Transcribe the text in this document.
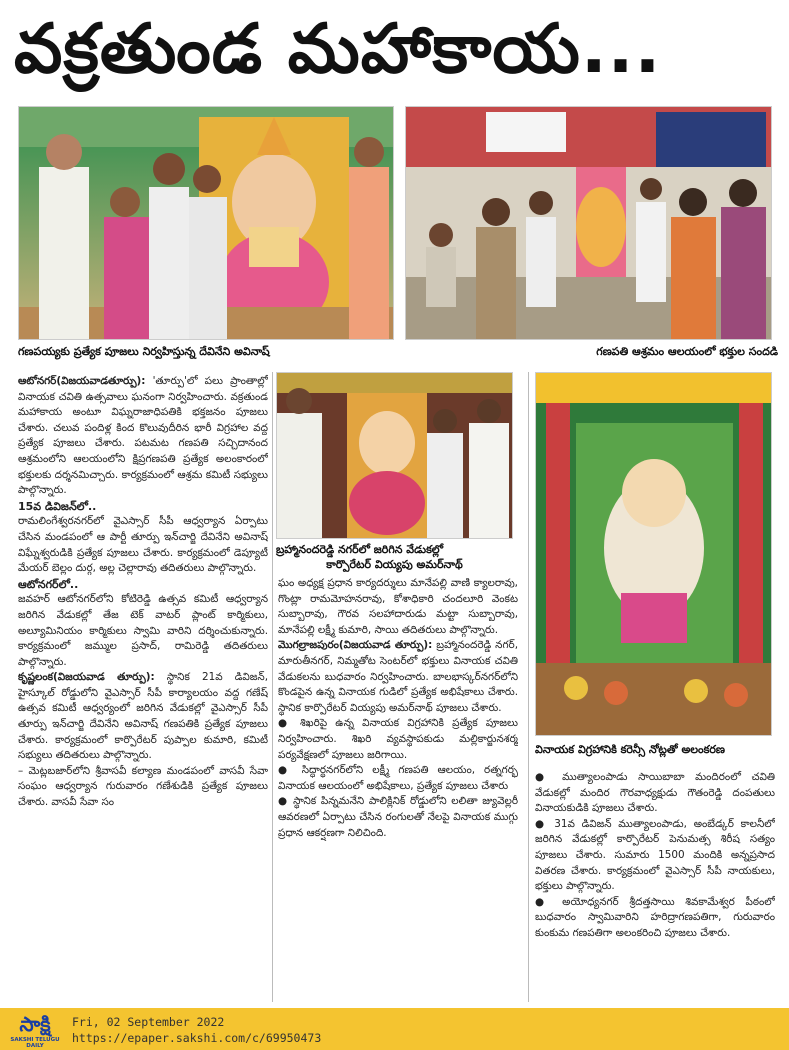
వక్రతుండ మహాకాయ...
గణపయ్యకు ప్రత్యేక పూజలు నిర్వహిస్తున్న దేవినేని అవినాష్	గణపతి ఆశ్రమం ఆలయంలో భక్తుల సందడి
బ్రహ్మానందరెడ్డి నగర్‌లో జరిగిన వేడుకల్లో
కార్పొరేటర్ వియ్యపు అమర్‌నాథ్
వినాయక విగ్రహానికి కరెన్సీ నోట్లతో అలంకరణ

ఆటోనగర్(విజయవాడతూర్పు): 'తూర్పు'లో పలు ప్రాంతాల్లో వినాయక చవితి ఉత్సవాలు ఘనంగా నిర్వహించారు. వక్రతుండ మహాకాయ అంటూ విఘ్నరాజాధిపతికి భక్తజనం పూజలు చేశారు. చలువ పందిళ్ల కింద కొలువుదీరిన భారీ విగ్రహాల వద్ద ప్రత్యేక పూజలు చేశారు. పటమట గణపతి సచ్చిదానంద ఆశ్రమంలోని ఆలయంలోని క్షిప్రగణపతి ప్రత్యేక అలంకారంలో భక్తులకు దర్శనమిచ్చారు. కార్యక్రమంలో ఆశ్రమ కమిటీ సభ్యులు పాల్గొన్నారు.

15వ డివిజన్‌లో..

రామలింగేశ్వరనగర్‌లో వైఎస్సార్ సీపీ ఆధ్వర్యాన ఏర్పాటు చేసిన మండపంలో ఆ పార్టీ తూర్పు ఇన్‌చార్జి దేవినేని అవినాష్ విఘ్నేశ్వరుడికి ప్రత్యేక పూజలు చేశారు. కార్యక్రమంలో డెప్యూటీ మేయర్ బెల్లం దుర్గ, అల్ల చెల్లారావు తదితరులు పాల్గొన్నారు.

ఆటోనగర్‌లో..

జవహర్ ఆటోనగర్‌లోని కోటిరెడ్డి ఉత్సవ కమిటీ ఆధ్వర్యాన జరిగిన వేడుకల్లో తేజ టెక్ వాటర్ ప్లాంట్ కార్మికులు, అల్యూమినియం కార్మికులు స్వామి వారిని దర్శించుకున్నారు. కార్యక్రమంలో జమ్ముల ప్రసాద్, రామిరెడ్డి తదితరులు పాల్గొన్నారు.

కృష్ణలంక(విజయవాడ తూర్పు): స్థానిక 21వ డివిజన్, హైస్కూల్ రోడ్డులోని వైఎస్సార్ సీపీ కార్యాలయం వద్ద గణేష్ ఉత్సవ కమిటీ ఆధ్వర్యంలో జరిగిన వేడుకల్లో వైఎస్సార్ సీపీ తూర్పు ఇన్‌చార్జి దేవినేని అవినాష్ గణపతికి ప్రత్యేక పూజలు చేశారు. కార్యక్రమంలో కార్పొరేటర్ పుప్పాల కుమారి, కమిటీ సభ్యులు తదితరులు పాల్గొన్నారు.

– మెట్లబజార్‌లోని శ్రీవాసవీ కల్యాణ మండపంలో వాసవీ సేవా సంఘం ఆధ్వర్యాన గురువారం గణేశుడికి ప్రత్యేక పూజలు చేశారు. వాసవీ సేవా సం

ఘం అధ్యక్ష ప్రధాన కార్యదర్శులు మానేపల్లి వాణి క్యాలరావు, గొంట్లా రామమోహనరావు, కోశాధికారి చందలూరి వెంకట సుబ్బారావు, గౌరవ సలహాదారుడు మట్టా సుబ్బారావు, మానేపల్లి లక్ష్మీ కుమారి, సాయి తదితరులు పాల్గొన్నారు.

మొగల్రాజపురం(విజయవాడ తూర్పు): బ్రహ్మానందరెడ్డి నగర్, మారుతీనగర్, నిమ్మతోట సెంటర్‌లో భక్తులు వినాయక చవితి వేడుకలను బుధవారం నిర్వహించారు. బాలభాస్కర్‌నగర్‌లోని కొండపైన ఉన్న వినాయక గుడిలో ప్రత్యేక అభిషేకాలు చేశారు. స్థానిక కార్పొరేటర్ వియ్యపు అమర్‌నాథ్ పూజలు చేశారు.

● శిఖరిపై ఉన్న వినాయక విగ్రహానికి ప్రత్యేక పూజలు నిర్వహించారు. శిఖరి వ్యవస్థాపకుడు మల్లికార్జునశర్మ పర్యవేక్షణలో పూజలు జరిగాయి.

● సిద్ధార్థనగర్‌లోని లక్ష్మీ గణపతి ఆలయం, రత్నగర్భ వినాయక ఆలయంలో అభిషేకాలు, ప్రత్యేక పూజలు చేశారు

● స్థానిక పిన్నమనేని పాలిక్లినిక్ రోడ్డులోని లలితా జ్యువెల్లరీ ఆవరణలో ఏర్పాటు చేసిన రంగులతో నేలపై వినాయక ముగ్గు ప్రధాన ఆకర్షణగా నిలిచింది.

● ముత్యాలంపాడు సాయిబాబా మందిరంలో చవితి వేడుకల్లో మందిర గౌరవాధ్యక్షుడు గౌతంరెడ్డి దంపతులు వినాయకుడికి పూజలు చేశారు.

● 31వ డివిజన్ ముత్యాలంపాడు, అంబేడ్కర్ కాలనీలో జరిగిన వేడుకల్లో కార్పొరేటర్ పెనుమత్స శిరీష సత్యం పూజలు చేశారు. సుమారు 1500 మందికి అన్నప్రసాద వితరణ చేశారు. కార్యక్రమంలో వైఎస్సార్ సీపీ నాయకులు, భక్తులు పాల్గొన్నారు.

● అయోధ్యనగర్ శ్రీదత్తసాయి శివకామేశ్వర పీఠంలో బుధవారం స్వామివారిని హరిద్రాగణపతిగా, గురువారం కుంకుమ గణపతిగా అలంకరించి పూజలు చేశారు.

సాక్షి
SAKSHI TELUGU DAILY
Fri, 02 September 2022
https://epaper.sakshi.com/c/69950473
